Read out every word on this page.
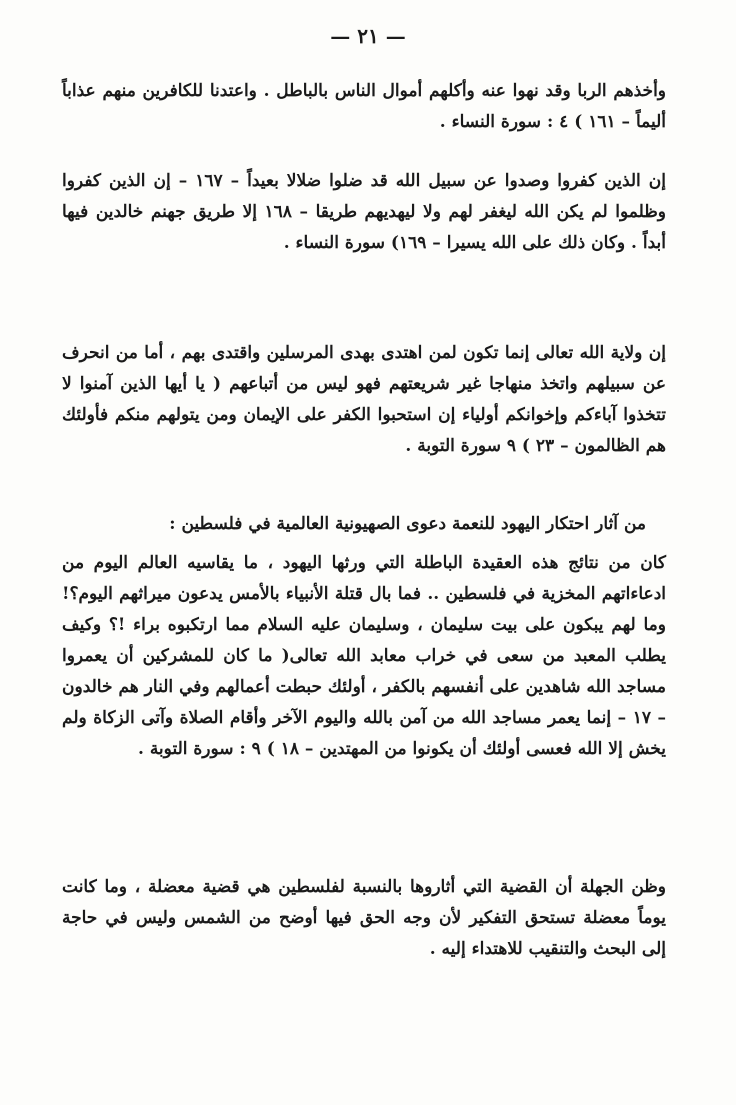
— ٢١ —

وأخذهم الربا وقد نهوا عنه وأكلهم أموال الناس بالباطل . واعتدنا للكافرين منهم عذاباً أليماً – ١٦١ ) ٤ : سورة النساء .

إن الذين كفروا وصدوا عن سبيل الله قد ضلوا ضلالا بعيداً – ١٦٧ – إن الذين كفروا وظلموا لم يكن الله ليغفر لهم ولا ليهديهم طريقا – ١٦٨ إلا طريق جهنم خالدين فيها أبداً . وكان ذلك على الله يسيرا – ١٦٩) سورة النساء .

إن ولاية الله تعالى إنما تكون لمن اهتدى بهدى المرسلين واقتدى بهم ، أما من انحرف عن سبيلهم واتخذ منهاجا غير شريعتهم فهو ليس من أتباعهم ( يا أيها الذين آمنوا لا تتخذوا آباءكم وإخوانكم أولياء إن استحبوا الكفر على الإيمان ومن يتولهم منكم فأولئك هم الظالمون – ٢٣ ) ٩ سورة التوبة .

من آثار احتكار اليهود للنعمة دعوى الصهيونية العالمية في فلسطين :

كان من نتائج هذه العقيدة الباطلة التي ورثها اليهود ، ما يقاسيه العالم اليوم من ادعاءاتهم المخزية في فلسطين .. فما بال قتلة الأنبياء بالأمس يدعون ميراثهم اليوم؟! وما لهم يبكون على بيت سليمان ، وسليمان عليه السلام مما ارتكبوه براء !؟ وكيف يطلب المعبد من سعى في خراب معابد الله تعالى( ما كان للمشركين أن يعمروا مساجد الله شاهدين على أنفسهم بالكفر ، أولئك حبطت أعمالهم وفي النار هم خالدون – ١٧ – إنما يعمر مساجد الله من آمن بالله واليوم الآخر وأقام الصلاة وآتى الزكاة ولم يخش إلا الله فعسى أولئك أن يكونوا من المهتدين – ١٨ ) ٩ : سورة التوبة .

وظن الجهلة أن القضية التي أثاروها بالنسبة لفلسطين هي قضية معضلة ، وما كانت يوماً معضلة تستحق التفكير لأن وجه الحق فيها أوضح من الشمس وليس في حاجة إلى البحث والتنقيب للاهتداء إليه .
